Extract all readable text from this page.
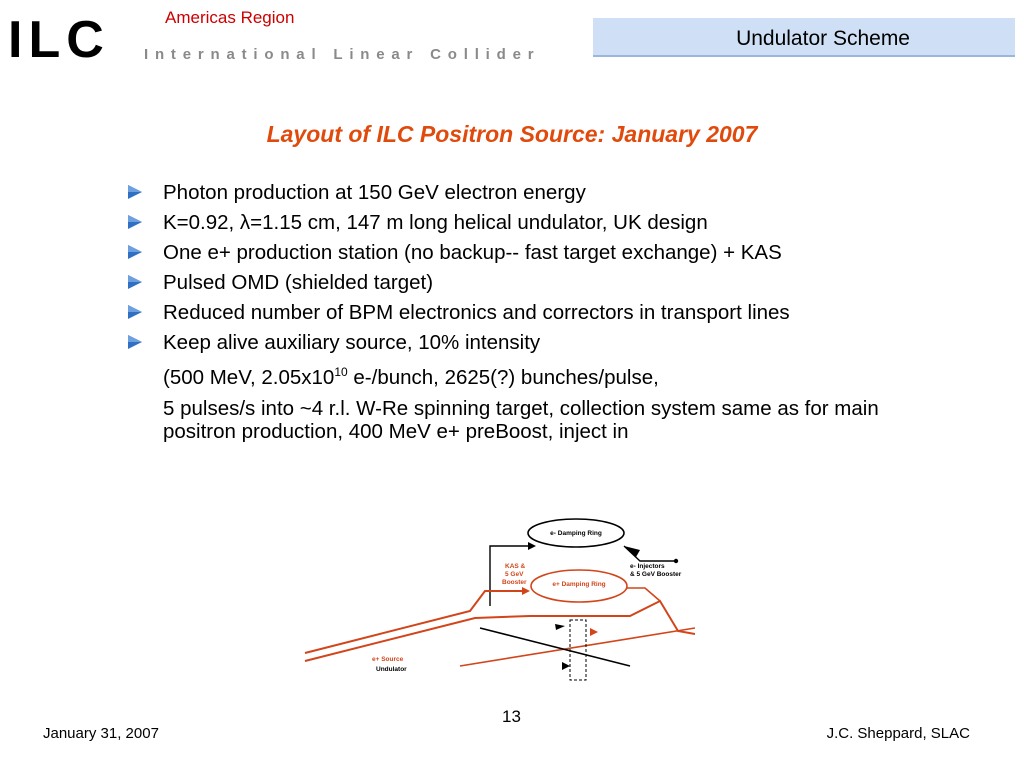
ILC International Linear Collider
Americas Region
Undulator Scheme
Layout of ILC Positron Source: January 2007
Photon production at 150 GeV electron energy
K=0.92, λ=1.15 cm, 147 m long helical undulator, UK design
One e+ production station (no backup-- fast target exchange) + KAS
Pulsed OMD (shielded target)
Reduced number of BPM electronics and correctors in transport lines
Keep alive auxiliary source, 10% intensity
(500 MeV, $2.05x10^{10}$ e-/bunch, 2625(?) bunches/pulse,
5 pulses/s into ~4 r.l. W-Re spinning target, collection system same as for main positron production, 400 MeV e+ preBoost, inject in
e- Damping Ring
e+ Damping Ring
e- Injectors
& 5 GeV Booster
KAS &
5 GeV
Booster
e+ Source
Undulator
13
January 31, 2007	J.C. Sheppard, SLAC
